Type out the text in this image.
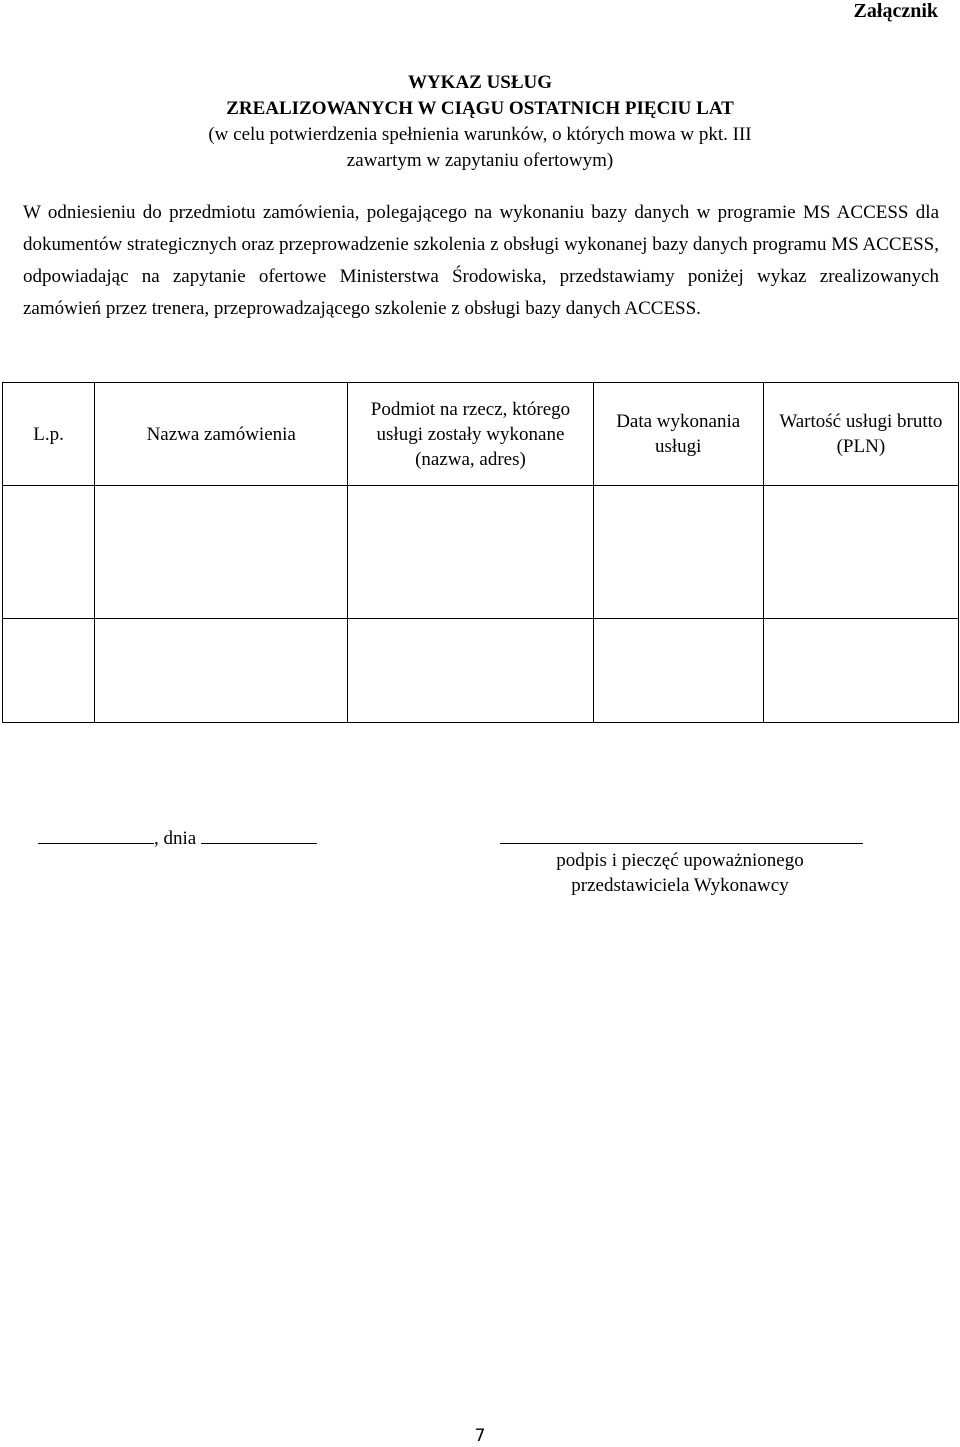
Załącznik
WYKAZ USŁUG
ZREALIZOWANYCH W CIĄGU OSTATNICH PIĘCIU LAT
(w celu potwierdzenia spełnienia warunków, o których mowa w pkt. III zawartym w zapytaniu ofertowym)
W odniesieniu do przedmiotu zamówienia, polegającego na wykonaniu bazy danych w programie MS ACCESS dla dokumentów strategicznych oraz przeprowadzenie szkolenia z obsługi wykonanej bazy danych programu MS ACCESS, odpowiadając na zapytanie ofertowe Ministerstwa Środowiska, przedstawiamy poniżej wykaz zrealizowanych zamówień przez trenera, przeprowadzającego szkolenie z obsługi bazy danych ACCESS.
L.p.	Nazwa zamówienia	Podmiot na rzecz, którego usługi zostały wykonane (nazwa, adres)	Data wykonania usługi	Wartość usługi brutto (PLN)

, dnia
podpis i pieczęć upoważnionego przedstawiciela Wykonawcy
7
